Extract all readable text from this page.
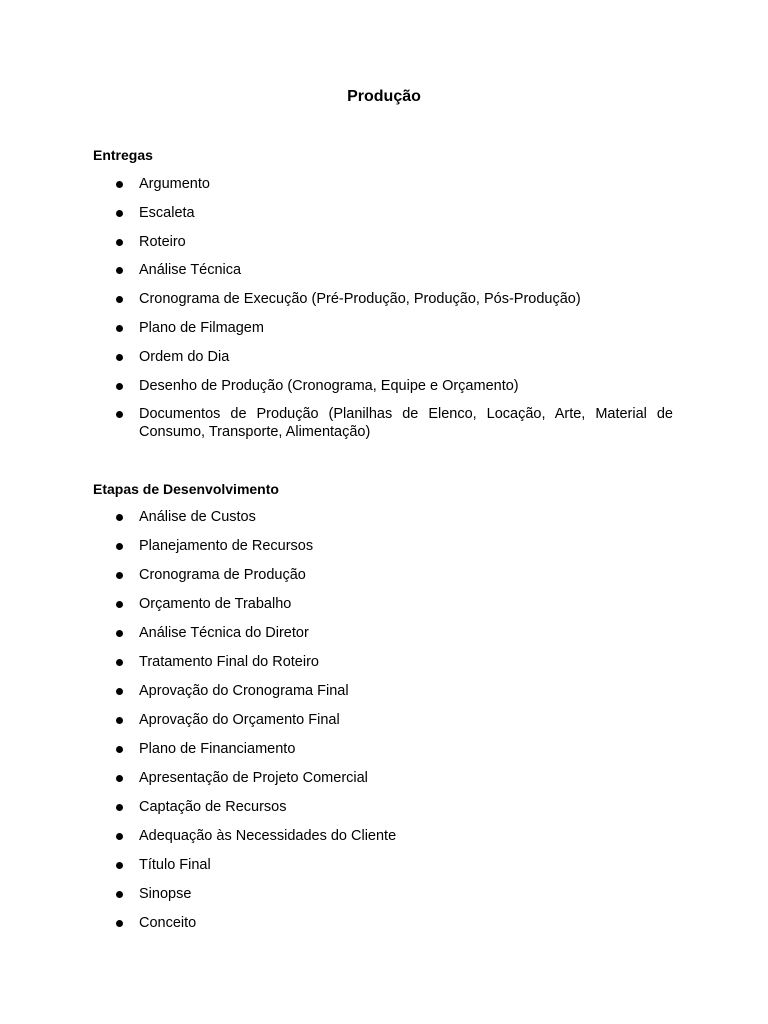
Produção
Entregas
Argumento
Escaleta
Roteiro
Análise Técnica
Cronograma de Execução (Pré-Produção, Produção, Pós-Produção)
Plano de Filmagem
Ordem do Dia
Desenho de Produção (Cronograma, Equipe e Orçamento)
Documentos de Produção (Planilhas de Elenco, Locação, Arte, Material de Consumo, Transporte, Alimentação)
Etapas de Desenvolvimento
Análise de Custos
Planejamento de Recursos
Cronograma de Produção
Orçamento de Trabalho
Análise Técnica do Diretor
Tratamento Final do Roteiro
Aprovação do Cronograma Final
Aprovação do Orçamento Final
Plano de Financiamento
Apresentação de Projeto Comercial
Captação de Recursos
Adequação às Necessidades do Cliente
Título Final
Sinopse
Conceito
